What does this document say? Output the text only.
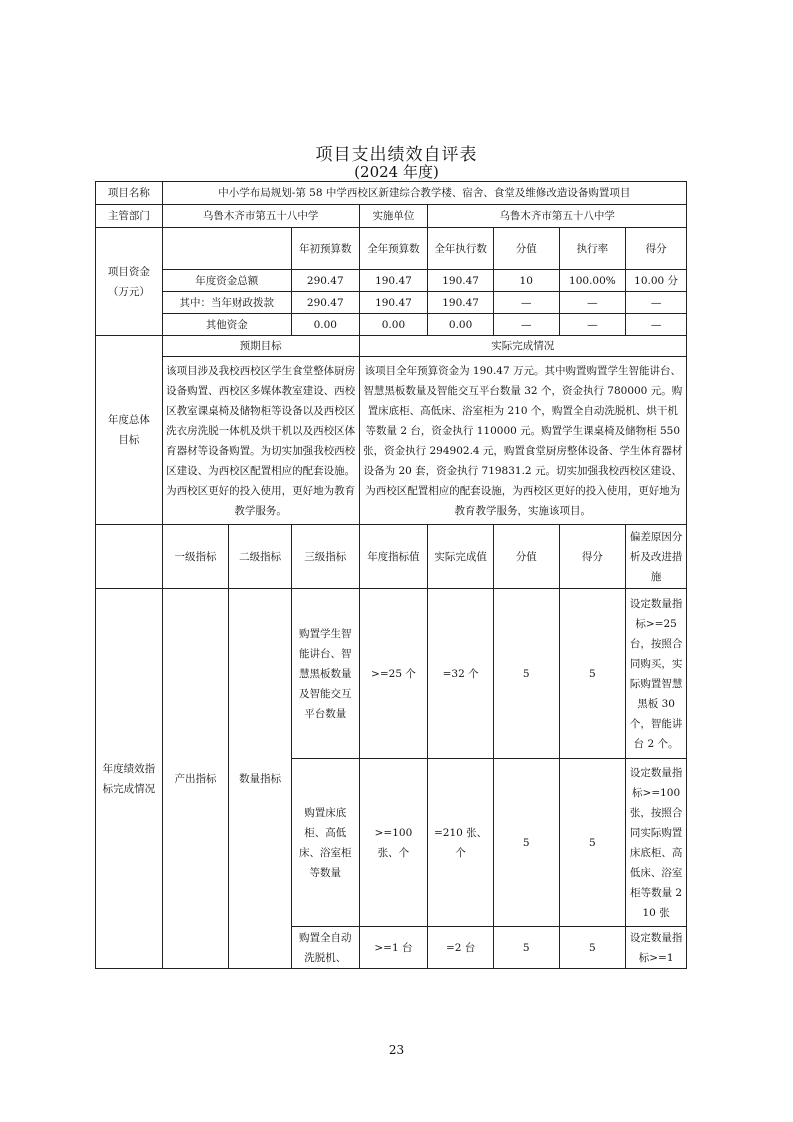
项目支出绩效自评表
(2024 年度)
项目名称	中小学布局规划-第 58 中学西校区新建综合教学楼、宿舍、食堂及维修改造设备购置项目							
主管部门	乌鲁木齐市第五十八中学			实施单位	乌鲁木齐市第五十八中学			
项目资金
（万元）			年初预算数	全年预算数	全年执行数	分值	执行率	得分
	年度资金总额		290.47	190.47	190.47	10	100.00%	10.00 分
	其中：当年财政拨款		290.47	190.47	190.47	—	—	—
	其他资金		0.00	0.00	0.00	—	—	—
年度总体
目标	预期目标			实际完成情况				
	该项目涉及我校西校区学生食堂整体厨房设备购置、西校区多媒体教室建设、西校区教室课桌椅及储物柜等设备以及西校区洗衣房洗脱一体机及烘干机以及西校区体育器材等设备购置。为切实加强我校西校区建设、为西校区配置相应的配套设施。为西校区更好的投入使用，更好地为教育教学服务。			该项目全年预算资金为 190.47 万元。其中购置购置学生智能讲台、智慧黑板数量及智能交互平台数量 32 个，资金执行 780000 元。购置床底柜、高低床、浴室柜为 210 个，购置全自动洗脱机、烘干机等数量 2 台，资金执行 110000 元。购置学生课桌椅及储物柜 550 张，资金执行 294902.4 元，购置食堂厨房整体设备、学生体育器材设备为 20 套，资金执行 719831.2 元。切实加强我校西校区建设、为西校区配置相应的配套设施，为西校区更好的投入使用，更好地为教育教学服务，实施该项目。				
	一级指标	二级指标	三级指标	年度指标值	实际完成值	分值	得分	偏差原因分析及改进措施
年度绩效指标完成情况	产出指标	数量指标	购置学生智能讲台、智慧黑板数量及智能交互平台数量	>=25 个	=32 个	5	5	设定数量指标>=25 台，按照合同购买，实际购置智慧黑板 30 个，智能讲台 2 个。
			购置床底柜、高低床、浴室柜等数量	>=100 张、个	=210 张、个	5	5	设定数量指标>=100 张，按照合同实际购置床底柜、高低床、浴室柜等数量 210 张
			购置全自动洗脱机、	>=1 台	=2 台	5	5	设定数量指标>=1
23
